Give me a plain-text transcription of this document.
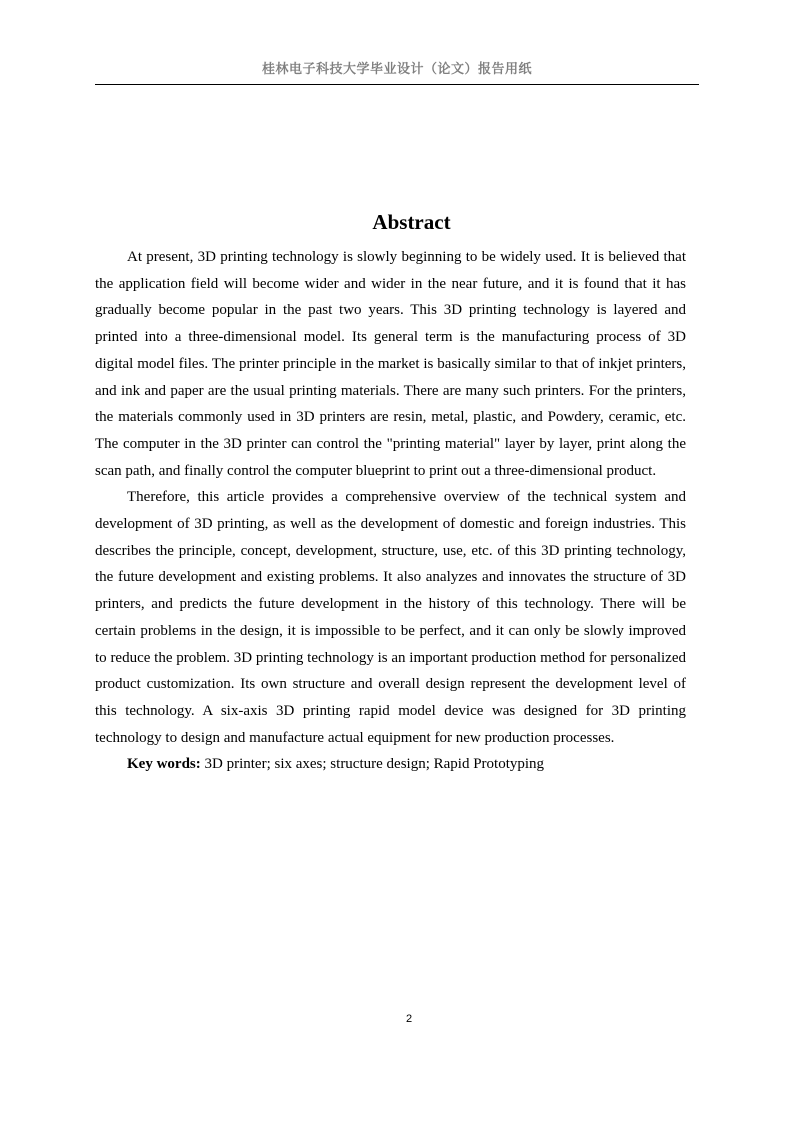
桂林电子科技大学毕业设计（论文）报告用纸
Abstract

At present, 3D printing technology is slowly beginning to be widely used. It is believed that the application field will become wider and wider in the near future, and it is found that it has gradually become popular in the past two years. This 3D printing technology is layered and printed into a three-dimensional model. Its general term is the manufacturing process of 3D digital model files. The printer principle in the market is basically similar to that of inkjet printers, and ink and paper are the usual printing materials. There are many such printers. For the printers, the materials commonly used in 3D printers are resin, metal, plastic, and Powdery, ceramic, etc. The computer in the 3D printer can control the "printing material" layer by layer, print along the scan path, and finally control the computer blueprint to print out a three-dimensional product.

Therefore, this article provides a comprehensive overview of the technical system and development of 3D printing, as well as the development of domestic and foreign industries. This describes the principle, concept, development, structure, use, etc. of this 3D printing technology, the future development and existing problems. It also analyzes and innovates the structure of 3D printers, and predicts the future development in the history of this technology. There will be certain problems in the design, it is impossible to be perfect, and it can only be slowly improved to reduce the problem. 3D printing technology is an important production method for personalized product customization. Its own structure and overall design represent the development level of this technology. A six-axis 3D printing rapid model device was designed for 3D printing technology to design and manufacture actual equipment for new production processes.

Key words: 3D printer; six axes; structure design; Rapid Prototyping

2
